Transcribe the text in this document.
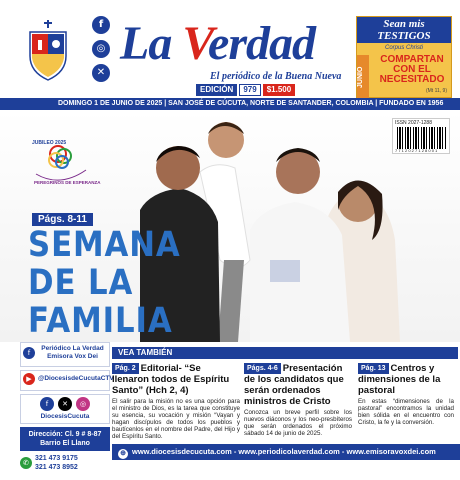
f
◎
✕
La Verdad
El periódico de la Buena Nueva
EDICIÓN	979	$1.500
Sean mis TESTIGOS
Corpus Christi
JUNIO
COMPARTAN CON EL NECESITADO
(Mt 11, 9)
DOMINGO 1 DE JUNIO DE 2025 | SAN JOSÉ DE CÚCUTA, NORTE DE SANTANDER, COLOMBIA | FUNDADO EN 1956
JUBILEO 2025
PEREGRINOS DE ESPERANZA
ISSN 2027-1288
7 7 1 2 0 2 7 1 2 8 0 0 1
Págs. 8-11
SEMANA
DE LA
FAMILIA
f
Periódico La Verdad Emisora Vox Dei
▶ @DiocesisdeCucutaCTV
f	✕	◎
DiocesisCucuta
Dirección: Cl. 9 # 8-87 Barrio El Llano
✆
321 473 9175
321 473 8952
VEA TAMBIÉN
Pág. 2 Editorial- “Se llenaron todos de Espíritu Santo” (Hch 2, 4)
El salir para la misión no es una opción para el ministro de Dios, es la tarea que constituye su esencia, su vocación y misión “Vayan y hagan discípulos de todos los pueblos y bautícenlos en el nombre del Padre, del Hijo y del Espíritu Santo.
Págs. 4-6 Presentación de los candidatos que serán ordenados ministros de Cristo
Conozca un breve perfil sobre los nuevos diáconos y los neo-presbíteros que serán ordenados el próximo sábado 14 de junio de 2025.
Pág. 13 Centros y dimensiones de la pastoral
En estas “dimensiones de la pastoral” encontramos la unidad bien sólida en el encuentro con Cristo, la fe y la conversión.
⊕ www.diocesisdecucuta.com - www.periodicolaverdad.com - www.emisoravoxdei.com
